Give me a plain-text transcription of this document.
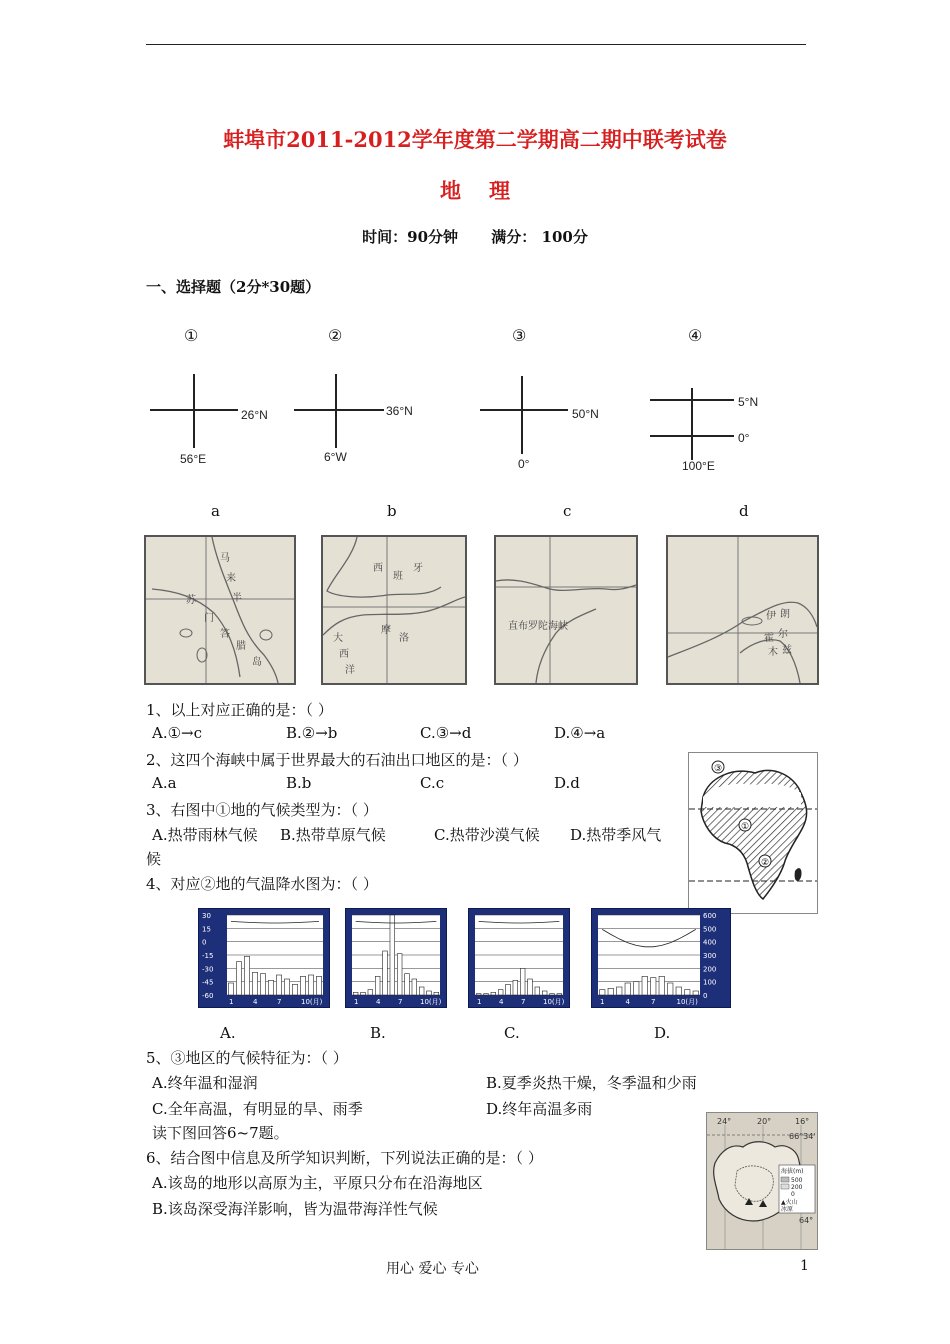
蚌埠市2011-2012学年度第二学期高二期中联考试卷
地理
时间：90分钟 满分： 100分
一、选择题（2分*30题）
①	②	③	④
26°N
56°E
36°N
6°W
50°N
0°
5°N
0°
100°E
a	b	c	d
马
来
半
苏
门
答
腊
岛
西
班
牙
大
西
洋
摩
洛
直布罗陀海峡
伊 朗
霍 尔
木 兹
1、以上对应正确的是：（ ）
A.①→c	B.②→b	C.③→d	D.④→a
2、这四个海峡中属于世界最大的石油出口地区的是：（ ）
A.a	B.b	C.c	D.d
③
①
②
3、右图中①地的气候类型为：（ ）
A.热带雨林气候 B.热带草原气候	C.热带沙漠气候 D.热带季风气
候
4、对应②地的气温降水图为：（ ）
30
15
0
-15
-30
-45
-60
1	4	7	10(月)	1	4	7	10(月)	1	4	7	10(月)
600
500
400
300
200
100
0
1	4	7	10(月)
A.	B.	C.	D.
5、③地区的气候特征为：（ ）
A.终年温和湿润	B.夏季炎热干燥，冬季温和少雨
C.全年高温，有明显的旱、雨季	D.终年高温多雨
读下图回答6~7题。
6、结合图中信息及所学知识判断，下列说法正确的是：（ ）
A.该岛的地形以高原为主，平原只分布在沿海地区
B.该岛深受海洋影响，皆为温带海洋性气候
24°	20°	16°
66°34'
64°
海拔(m)
500
200
0
▲火山
冰原
用心 爱心 专心	1
